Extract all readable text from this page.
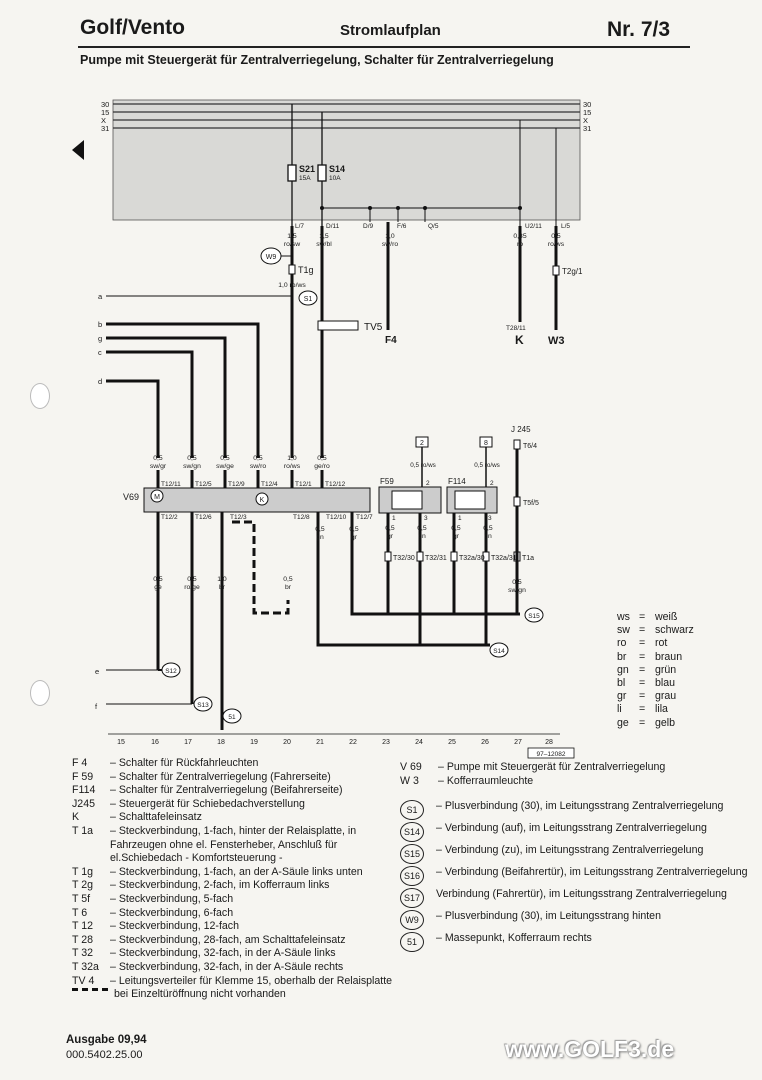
Golf/Vento	Stromlaufplan	Nr. 7/3
Pumpe mit Steuergerät für Zentralverriegelung, Schalter für Zentralverriegelung
30
15
X
31
30
15
X
31
S21
15A
S14
10A
L/7	D/11	D/9	F/6	Q/5	U2/11	L/5
1,5
ro/sw
1,5
sw/bl
1,0
sw/ro
0,35
ro
0,5
ro/ws
W9
T1g
1,0 ro/ws
S1
a
b
g
c
d
e
f
TV5
F4
T28/11
K
T2g/1
W3
0,5
sw/gr
0,5
sw/gn
0,5
sw/ge
0,5
sw/ro
1,0
ro/ws
0,5
ge/ro
T12/11 T12/5	T12/9	T12/4	T12/1 T12/12
M	K
V69
T12/2	T12/6	T12/3	T12/8	T12/10 T12/7
0,5
ge
0,5
ro/ge
1,0
br
0,5
br
0,5
gn
0,5
gr
S12
S13
51
F59
2
0,5 ro/ws
2
1	3
F114
8
0,5 ro/ws
2
1	3
0,5
gr
0,5
gn
0,5
gr
0,5
gn
T32/30 T32/31 T32a/30 T32a/31 T1a
J 245
T6/4
T5f/5
0,5
sw/gn
S15
S14
15	16	17	18	19	20	21	22	23	24	25	26	27	28
97–12082
ws = weiß
sw = schwarz
ro = rot
br = braun
gn = grün
bl = blau
gr = grau
li = lila
ge = gelb
F 4	– Schalter für Rückfahrleuchten
F 59	– Schalter für Zentralverriegelung (Fahrerseite)
F114	– Schalter für Zentralverriegelung (Beifahrerseite)
J245	– Steuergerät für Schiebedachverstellung
K	– Schalttafeleinsatz
T 1a	– Steckverbindung, 1-fach, hinter der Relaisplatte, in Fahrzeugen ohne el. Fensterheber, Anschluß für el.Schiebedach - Komfortsteuerung -
T 1g	– Steckverbindung, 1-fach, an der A-Säule links unten
T 2g	– Steckverbindung, 2-fach, im Kofferraum links
T 5f	– Steckverbindung, 5-fach
T 6	– Steckverbindung, 6-fach
T 12	– Steckverbindung, 12-fach
T 28	– Steckverbindung, 28-fach, am Schalttafeleinsatz
T 32	– Steckverbindung, 32-fach, in der A-Säule links
T 32a	– Steckverbindung, 32-fach, in der A-Säule rechts
TV 4	– Leitungsverteiler für Klemme 15, oberhalb der Relaisplatte
bei Einzeltüröffnung nicht vorhanden
V 69	– Pumpe mit Steuergerät für Zentralverriegelung
W 3	– Kofferraumleuchte
S1	– Plusverbindung (30), im Leitungsstrang Zentralverriegelung
S14	– Verbindung (auf), im Leitungsstrang Zentralverriegelung
S15	– Verbindung (zu), im Leitungsstrang Zentralverriegelung
S16	– Verbindung (Beifahrertür), im Leitungsstrang Zentralverriegelung
S17	Verbindung (Fahrertür), im Leitungsstrang Zentralverriegelung
W9	– Plusverbindung (30), im Leitungsstrang hinten
51	– Massepunkt, Kofferraum rechts
Ausgabe 09,94
000.5402.25.00	www.GOLF3.de
